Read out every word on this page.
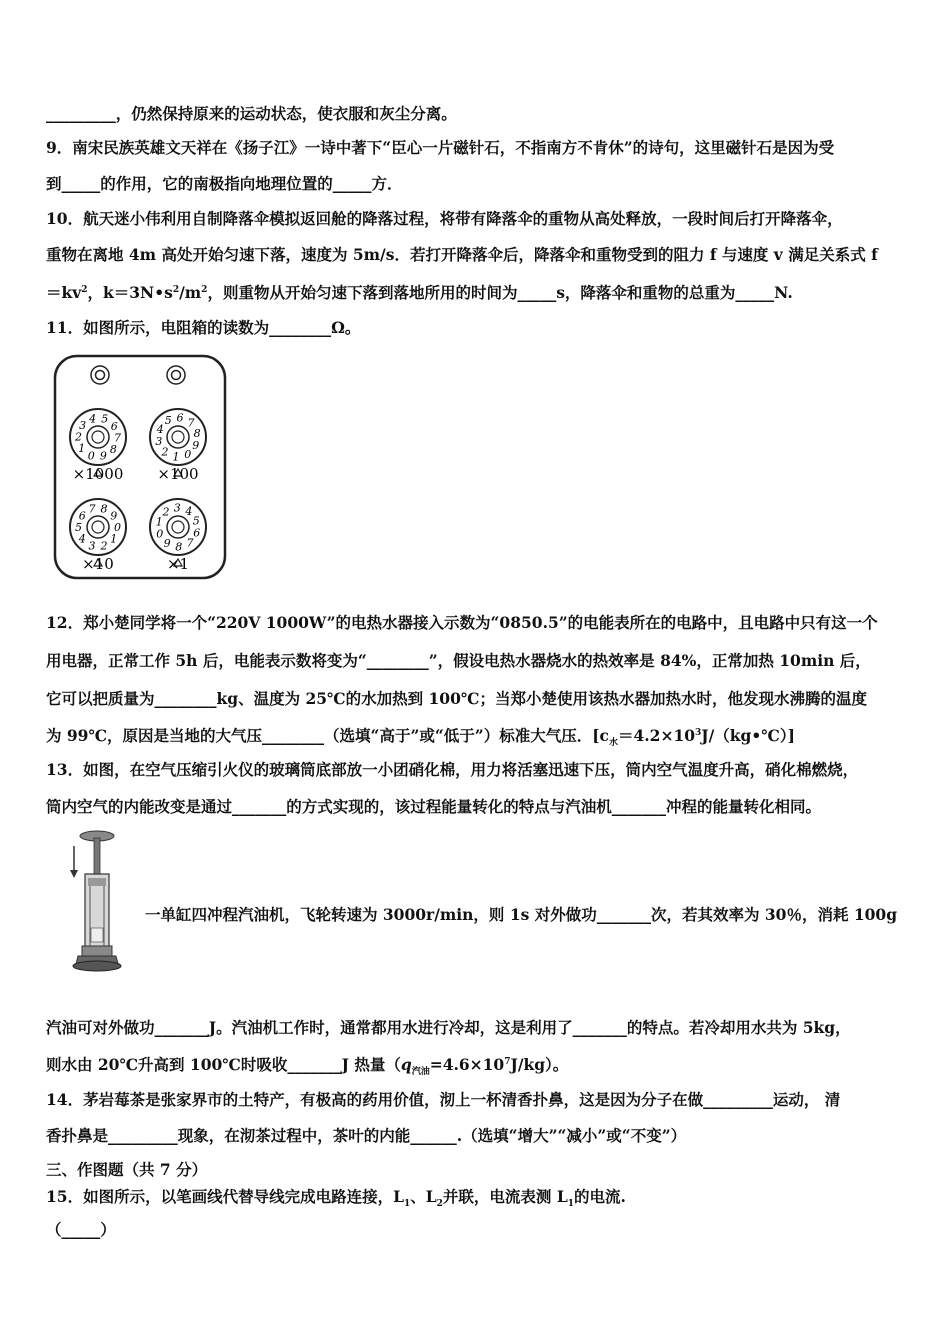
_________，仍然保持原来的运动状态，使衣服和灰尘分离。
9．南宋民族英雄文天祥在《扬子江》一诗中著下“臣心一片磁针石，不指南方不肯休”的诗句，这里磁针石是因为受
到_____的作用，它的南极指向地理位置的_____方．
10．航天迷小伟利用自制降落伞模拟返回舱的降落过程，将带有降落伞的重物从高处释放，一段时间后打开降落伞，
重物在离地 4m 高处开始匀速下落，速度为 5m/s．若打开降落伞后，降落伞和重物受到的阻力 f 与速度 v 满足关系式 f
$=kv^2$，$k=3N•s^2/m^2$，则重物从开始匀速下落到落地所用的时间为_____s，降落伞和重物的总重为_____N.
11．如图所示，电阻箱的读数为________Ω。
0
1
2
3
4 5
6
7
8
9	0
1
2
3
4
5 6 7
8
9
0
1
2
3
4
5
6
7 8
9
0
1
2 3 4
5
6
7
8
9
×1000 ×100
×10	×1
12．郑小楚同学将一个“220V 1000W”的电热水器接入示数为“0850.5”的电能表所在的电路中，且电路中只有这一个
用电器，正常工作 5h 后，电能表示数将变为“________”，假设电热水器烧水的热效率是 84%，正常加热 10min 后，
它可以把质量为________kg、温度为 25℃的水加热到 100℃；当郑小楚使用该热水器加热水时，他发现水沸腾的温度
为 99℃，原因是当地的大气压________（选填“高于”或“低于”）标准大气压．$[c_水=4.2\times 10^3J/(kg•℃)]$
13．如图，在空气压缩引火仪的玻璃筒底部放一小团硝化棉，用力将活塞迅速下压，筒内空气温度升高，硝化棉燃烧，
筒内空气的内能改变是通过_______的方式实现的，该过程能量转化的特点与汽油机_______冲程的能量转化相同。
一单缸四冲程汽油机，飞轮转速为 3000r/min，则 1s 对外做功_______次，若其效率为 30％，消耗 100g
汽油可对外做功_______J。汽油机工作时，通常都用水进行冷却，这是利用了_______的特点。若冷却用水共为 5kg，
则水由 20℃升高到 100℃时吸收_______J 热量$(q_{汽油}=4.6\times 10^7J/kg)$。
14．茅岩莓茶是张家界市的土特产，有极高的药用价值，沏上一杯清香扑鼻，这是因为分子在做_________运动， 清
香扑鼻是_________现象，在沏茶过程中，茶叶的内能______.（选填“增大”“减小”或“不变”）
三、作图题（共 7 分）
15．如图所示，以笔画线代替导线完成电路连接，$L_1$、$L_2$并联，电流表测 $L_1$的电流.
（_____）
